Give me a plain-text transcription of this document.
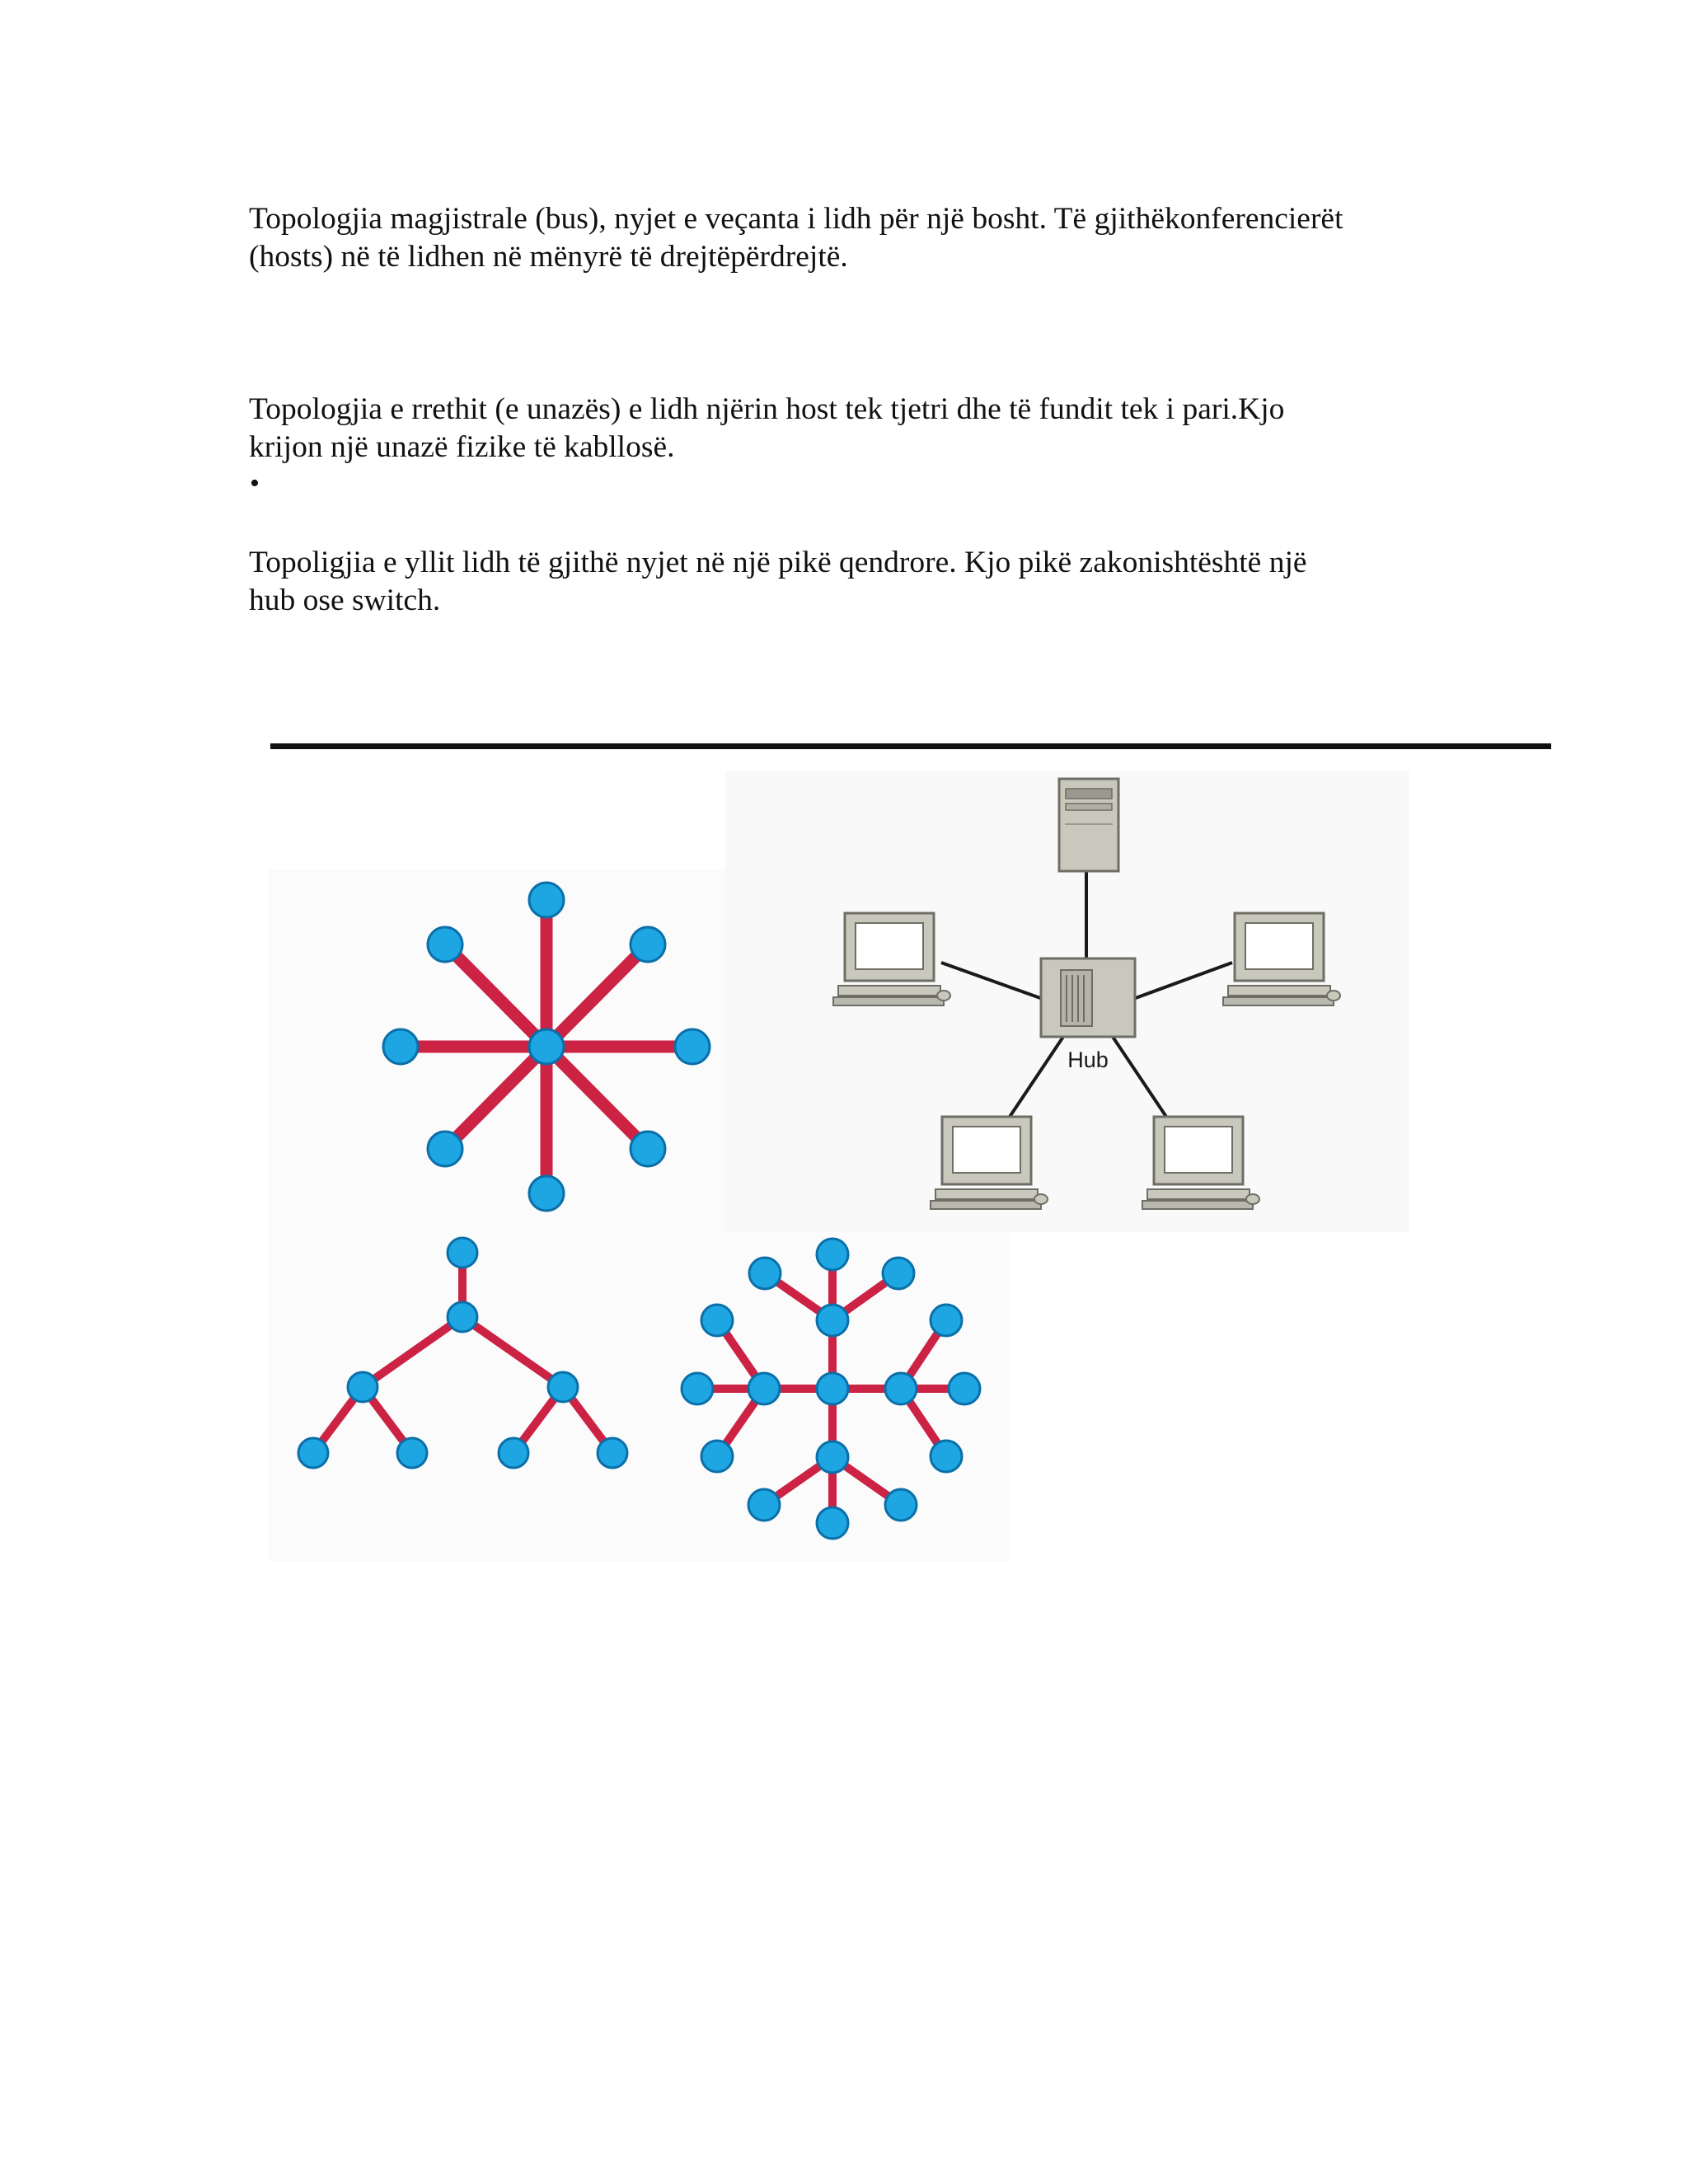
Topologjia magjistrale (bus), nyjet e veçanta i lidh për një bosht. Të gjithëkonferencierët
(hosts) në të lidhen në mënyrë të drejtëpërdrejtë.

Topologjia e rrethit (e unazës) e lidh njërin host tek tjetri dhe të fundit tek i pari.Kjo
krijon një unazë fizike të kabllosë.

•

Topoligjia e yllit lidh të gjithë nyjet në një pikë qendrore. Kjo pikë zakonishtështë një
hub ose switch.

Hub
